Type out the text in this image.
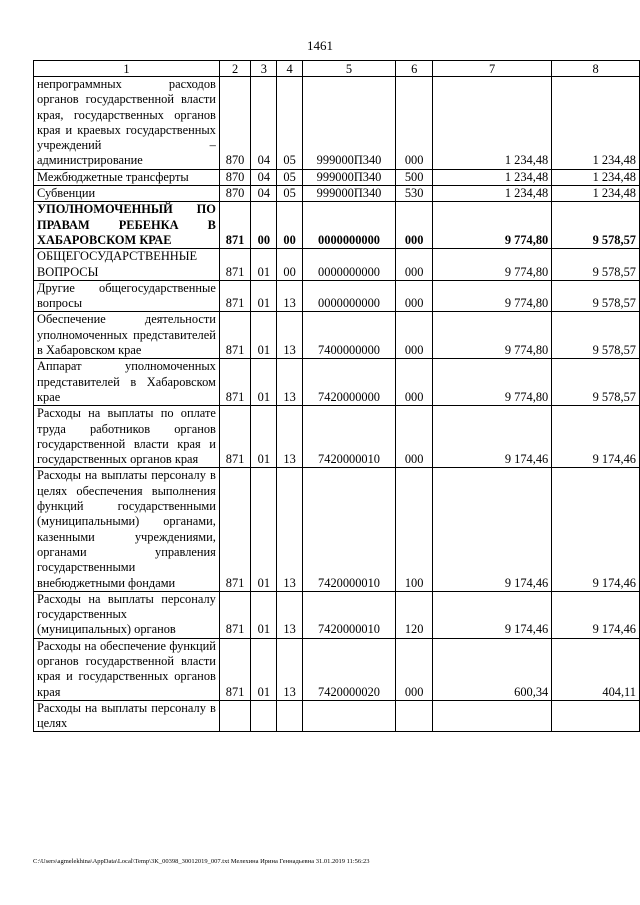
1461
1	2	3	4	5	6	7	8
непрограммных расходов органов государственной власти края, государственных органов края и краевых государственных учреждений – администрирование	870	04	05	999000П340	000	1 234,48	1 234,48
Межбюджетные трансферты	870	04	05	999000П340	500	1 234,48	1 234,48
Субвенции	870	04	05	999000П340	530	1 234,48	1 234,48
УПОЛНОМОЧЕННЫЙ ПО ПРАВАМ РЕБЕНКА В ХАБАРОВСКОМ КРАЕ	871	00	00	0000000000	000	9 774,80	9 578,57
ОБЩЕГОСУДАРСТВЕННЫЕ ВОПРОСЫ	871	01	00	0000000000	000	9 774,80	9 578,57
Другие общегосударственные вопросы	871	01	13	0000000000	000	9 774,80	9 578,57
Обеспечение деятельности уполномоченных представителей в Хабаровском крае	871	01	13	7400000000	000	9 774,80	9 578,57
Аппарат уполномоченных представителей в Хабаровском крае	871	01	13	7420000000	000	9 774,80	9 578,57
Расходы на выплаты по оплате труда работников органов государственной власти края и государственных органов края	871	01	13	7420000010	000	9 174,46	9 174,46
Расходы на выплаты персоналу в целях обеспечения выполнения функций государственными (муниципальными) органами, казенными учреждениями, органами управления государственными внебюджетными фондами	871	01	13	7420000010	100	9 174,46	9 174,46
Расходы на выплаты персоналу государственных (муниципальных) органов	871	01	13	7420000010	120	9 174,46	9 174,46
Расходы на обеспечение функций органов государственной власти края и государственных органов края	871	01	13	7420000020	000	600,34	404,11
Расходы на выплаты персоналу в целях							
C:\Users\agmelekhina\AppData\Local\Temp\3K_00398_30012019_007.txt Мелехина Ирина Геннадьевна 31.01.2019 11:56:23
